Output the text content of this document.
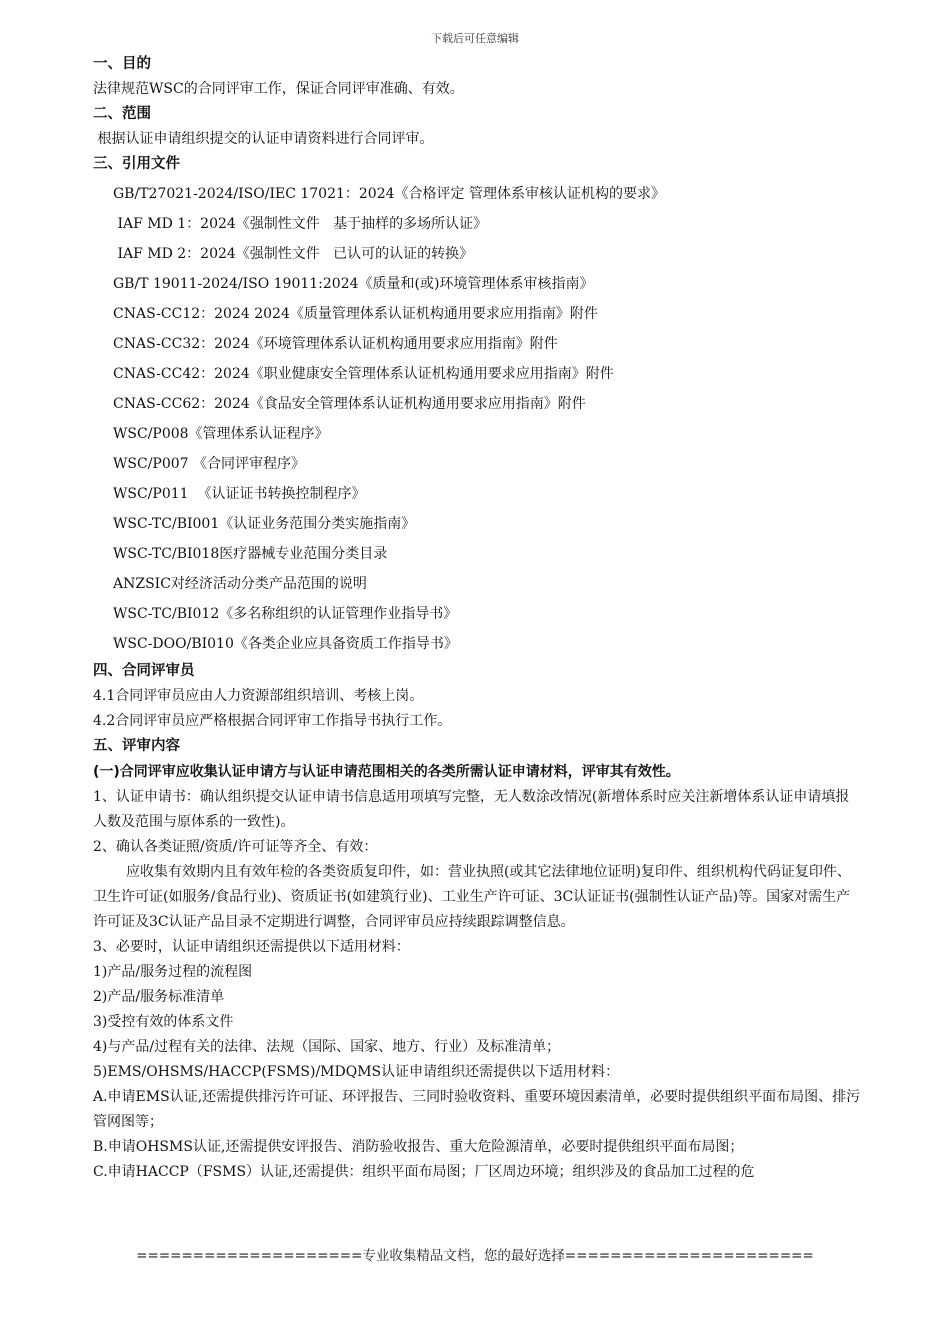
下载后可任意编辑
一、目的
法律规范WSC的合同评审工作，保证合同评审准确、有效。
二、范围
根据认证申请组织提交的认证申请资料进行合同评审。
三、引用文件
GB/T27021-2024/ISO/IEC 17021：2024《合格评定 管理体系审核认证机构的要求》
IAF MD 1：2024《强制性文件   基于抽样的多场所认证》
IAF MD 2：2024《强制性文件   已认可的认证的转换》
GB/T 19011-2024/ISO 19011:2024《质量和(或)环境管理体系审核指南》
CNAS-CC12：2024 2024《质量管理体系认证机构通用要求应用指南》附件
CNAS-CC32：2024《环境管理体系认证机构通用要求应用指南》附件
CNAS-CC42：2024《职业健康安全管理体系认证机构通用要求应用指南》附件
CNAS-CC62：2024《食品安全管理体系认证机构通用要求应用指南》附件
WSC/P008《管理体系认证程序》
WSC/P007 《合同评审程序》
WSC/P011  《认证证书转换控制程序》
WSC-TC/BI001《认证业务范围分类实施指南》
WSC-TC/BI018医疗器械专业范围分类目录
ANZSIC对经济活动分类产品范围的说明
WSC-TC/BI012《多名称组织的认证管理作业指导书》
WSC-DOO/BI010《各类企业应具备资质工作指导书》
四、合同评审员
4.1合同评审员应由人力资源部组织培训、考核上岗。
4.2合同评审员应严格根据合同评审工作指导书执行工作。
五、评审内容
(一)合同评审应收集认证申请方与认证申请范围相关的各类所需认证申请材料，评审其有效性。
1、认证申请书：确认组织提交认证申请书信息适用项填写完整，无人数涂改情况(新增体系时应关注新增体系认证申请填报人数及范围与原体系的一致性)。
2、确认各类证照/资质/许可证等齐全、有效：
应收集有效期内且有效年检的各类资质复印件，如：营业执照(或其它法律地位证明)复印件、组织机构代码证复印件、卫生许可证(如服务/食品行业)、资质证书(如建筑行业)、工业生产许可证、3C认证证书(强制性认证产品)等。国家对需生产许可证及3C认证产品目录不定期进行调整，合同评审员应持续跟踪调整信息。
3、必要时，认证申请组织还需提供以下适用材料：
1)产品/服务过程的流程图
2)产品/服务标准清单
3)受控有效的体系文件
4)与产品/过程有关的法律、法规（国际、国家、地方、行业）及标准清单；
5)EMS/OHSMS/HACCP(FSMS)/MDQMS认证申请组织还需提供以下适用材料：
A.申请EMS认证,还需提供排污许可证、环评报告、三同时验收资料、重要环境因素清单，必要时提供组织平面布局图、排污管网图等；
B.申请OHSMS认证,还需提供安评报告、消防验收报告、重大危险源清单，必要时提供组织平面布局图；
C.申请HACCP（FSMS）认证,还需提供：组织平面布局图；厂区周边环境；组织涉及的食品加工过程的危
====================专业收集精品文档，您的最好选择======================
